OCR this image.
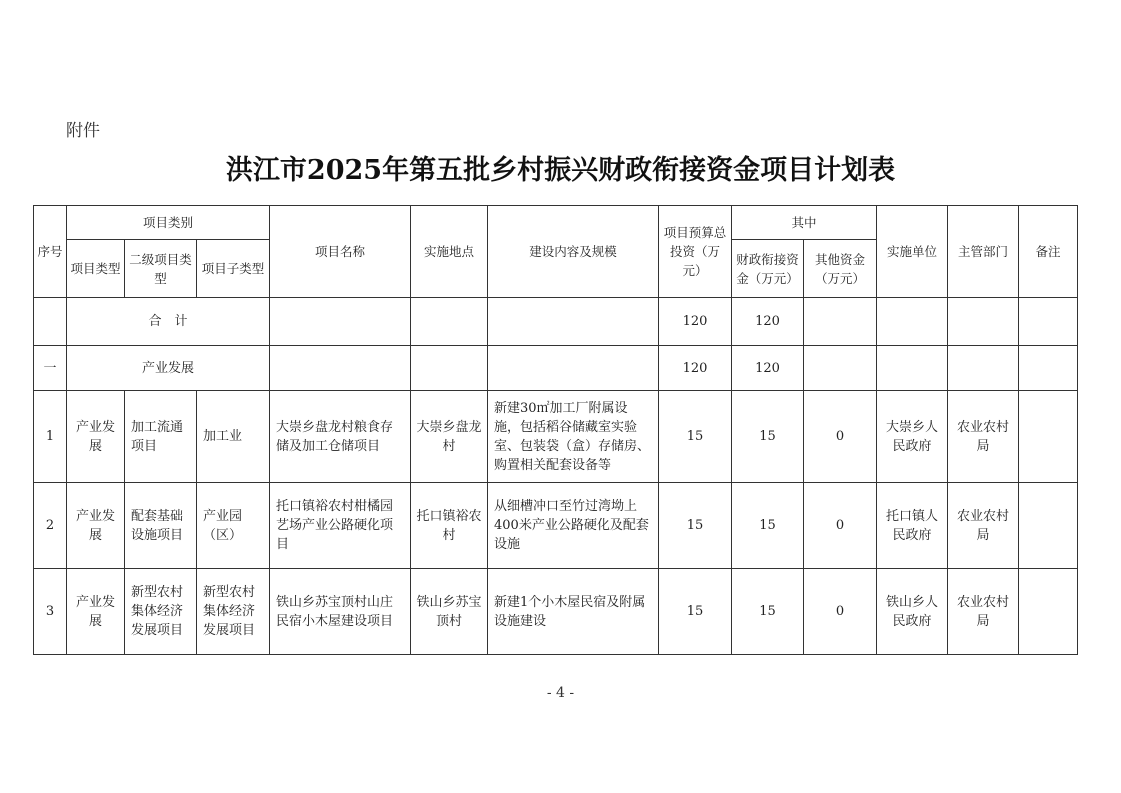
附件
洪江市2025年第五批乡村振兴财政衔接资金项目计划表
序号	项目类别			项目名称	实施地点	建设内容及规模	项目预算总投资（万元）	其中		实施单位	主管部门	备注
	项目类型	二级项目类型	项目子类型					财政衔接资金（万元）	其他资金（万元）			
	合　计						120	120				
一	产业发展						120	120				
1	产业发展	加工流通项目	加工业	大崇乡盘龙村粮食存储及加工仓储项目	大崇乡盘龙村	新建30㎡加工厂附属设施，包括稻谷储藏室实验室、包装袋（盒）存储房、购置相关配套设备等	15	15	0	大崇乡人民政府	农业农村局	
2	产业发展	配套基础设施项目	产业园（区）	托口镇裕农村柑橘园艺场产业公路硬化项目	托口镇裕农村	从细槽冲口至竹过湾坳上400米产业公路硬化及配套设施	15	15	0	托口镇人民政府	农业农村局	
3	产业发展	新型农村集体经济发展项目	新型农村集体经济发展项目	铁山乡苏宝顶村山庄民宿小木屋建设项目	铁山乡苏宝顶村	新建1个小木屋民宿及附属设施建设	15	15	0	铁山乡人民政府	农业农村局	
- 4 -
